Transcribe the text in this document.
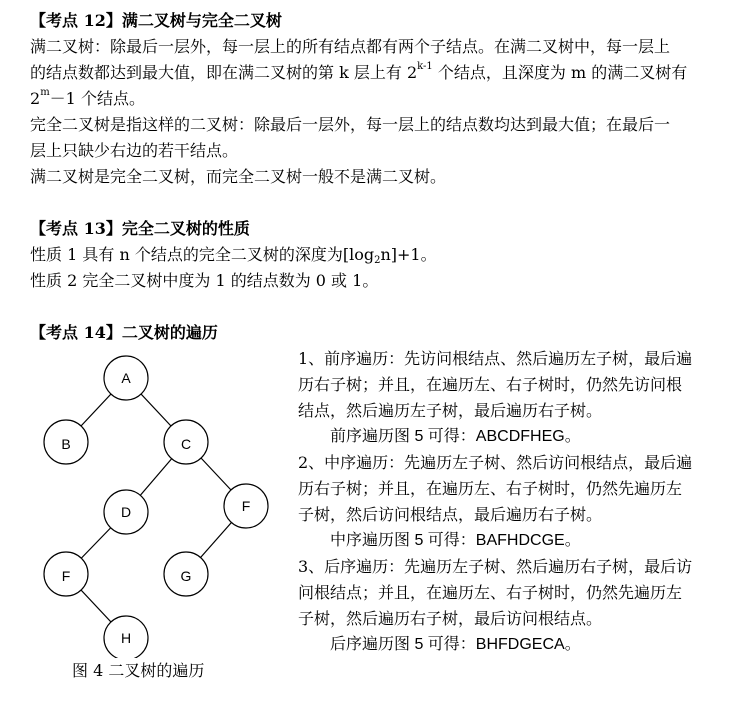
【考点 12】满二叉树与完全二叉树
满二叉树：除最后一层外，每一层上的所有结点都有两个子结点。在满二叉树中，每一层上
的结点数都达到最大值，即在满二叉树的第 k 层上有 2$^{k-1}$ 个结点，且深度为 m 的满二叉树有
$2^m-1$ 个结点。
完全二叉树是指这样的二叉树：除最后一层外，每一层上的结点数均达到最大值；在最后一
层上只缺少右边的若干结点。
满二叉树是完全二叉树，而完全二叉树一般不是满二叉树。
【考点 13】完全二叉树的性质
性质 1 具有 n 个结点的完全二叉树的深度为[log2n]+1。
性质 2 完全二叉树中度为 1 的结点数为 0 或 1。
【考点 14】二叉树的遍历
A
B	C
D	F
F	G
H
图 4 二叉树的遍历
1、前序遍历：先访问根结点、然后遍历左子树，最后遍
历右子树；并且，在遍历左、右子树时，仍然先访问根
结点，然后遍历左子树，最后遍历右子树。
前序遍历图 5 可得：ABCDFHEG。
2、中序遍历：先遍历左子树、然后访问根结点，最后遍
历右子树；并且，在遍历左、右子树时，仍然先遍历左
子树，然后访问根结点，最后遍历右子树。
中序遍历图 5 可得：BAFHDCGE。
3、后序遍历：先遍历左子树、然后遍历右子树，最后访
问根结点；并且，在遍历左、右子树时，仍然先遍历左
子树，然后遍历右子树，最后访问根结点。
后序遍历图 5 可得：BHFDGECA。
